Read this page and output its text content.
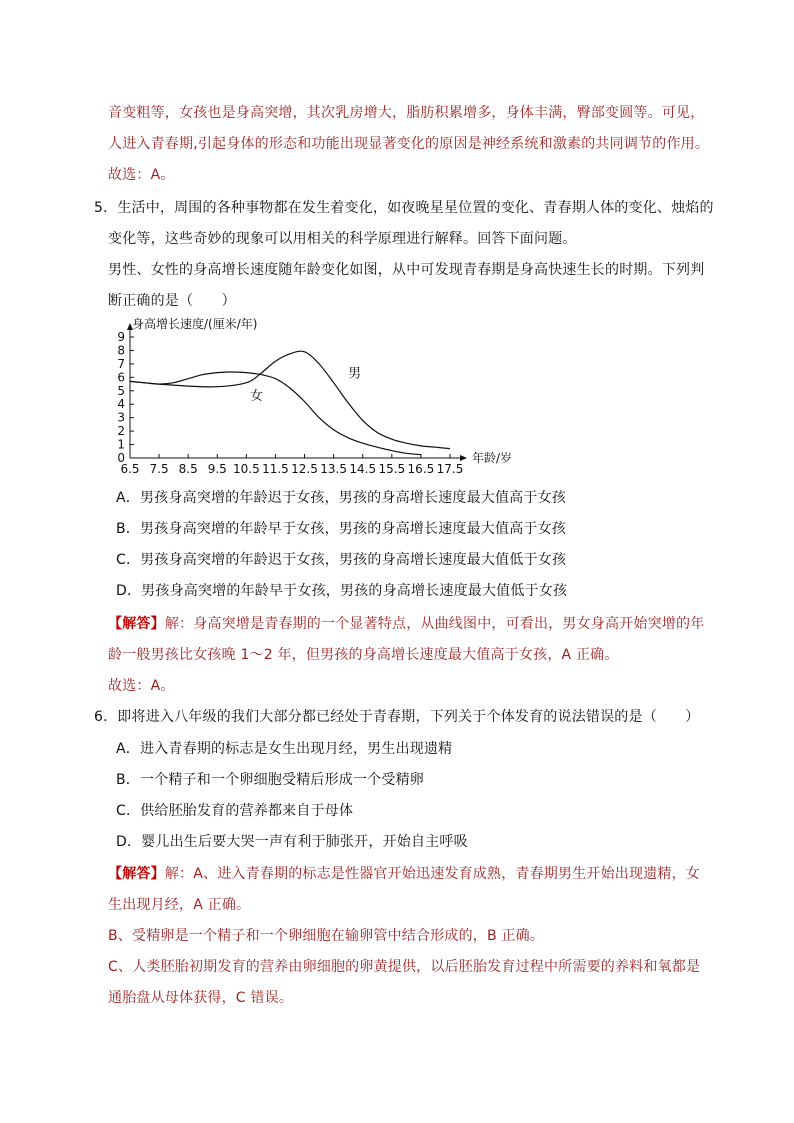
音变粗等，女孩也是身高突增，其次乳房增大，脂肪积累增多，身体丰满，臀部变圆等。可见，
人进入青春期,引起身体的形态和功能出现显著变化的原因是神经系统和激素的共同调节的作用。
故选：A。
5．生活中，周围的各种事物都在发生着变化，如夜晚星星位置的变化、青春期人体的变化、烛焰的
变化等，这些奇妙的现象可以用相关的科学原理进行解释。回答下面问题。
男性、女性的身高增长速度随年龄变化如图，从中可发现青春期是身高快速生长的时期。下列判
断正确的是（　　）
0
1
2
3
4
5
6
7
8
9
6.5 7.5 8.5 9.5 10.5 11.5 12.5 13.5 14.5 15.5 16.5 17.5
男
女
身高增长速度/(厘米/年)
年龄/岁
A．男孩身高突增的年龄迟于女孩，男孩的身高增长速度最大值高于女孩
B．男孩身高突增的年龄早于女孩，男孩的身高增长速度最大值高于女孩
C．男孩身高突增的年龄迟于女孩，男孩的身高增长速度最大值低于女孩
D．男孩身高突增的年龄早于女孩，男孩的身高增长速度最大值低于女孩
【解答】解：身高突增是青春期的一个显著特点，从曲线图中，可看出，男女身高开始突增的年
龄一般男孩比女孩晚 1～2 年，但男孩的身高增长速度最大值高于女孩，A 正确。
故选：A。
6．即将进入八年级的我们大部分都已经处于青春期，下列关于个体发育的说法错误的是（　　）
A．进入青春期的标志是女生出现月经，男生出现遗精
B．一个精子和一个卵细胞受精后形成一个受精卵
C．供给胚胎发育的营养都来自于母体
D．婴儿出生后要大哭一声有利于肺张开，开始自主呼吸
【解答】解：A、进入青春期的标志是性器官开始迅速发育成熟，青春期男生开始出现遗精，女
生出现月经，A 正确。
B、受精卵是一个精子和一个卵细胞在输卵管中结合形成的，B 正确。
C、人类胚胎初期发育的营养由卵细胞的卵黄提供，以后胚胎发育过程中所需要的养料和氧都是
通胎盘从母体获得，C 错误。
